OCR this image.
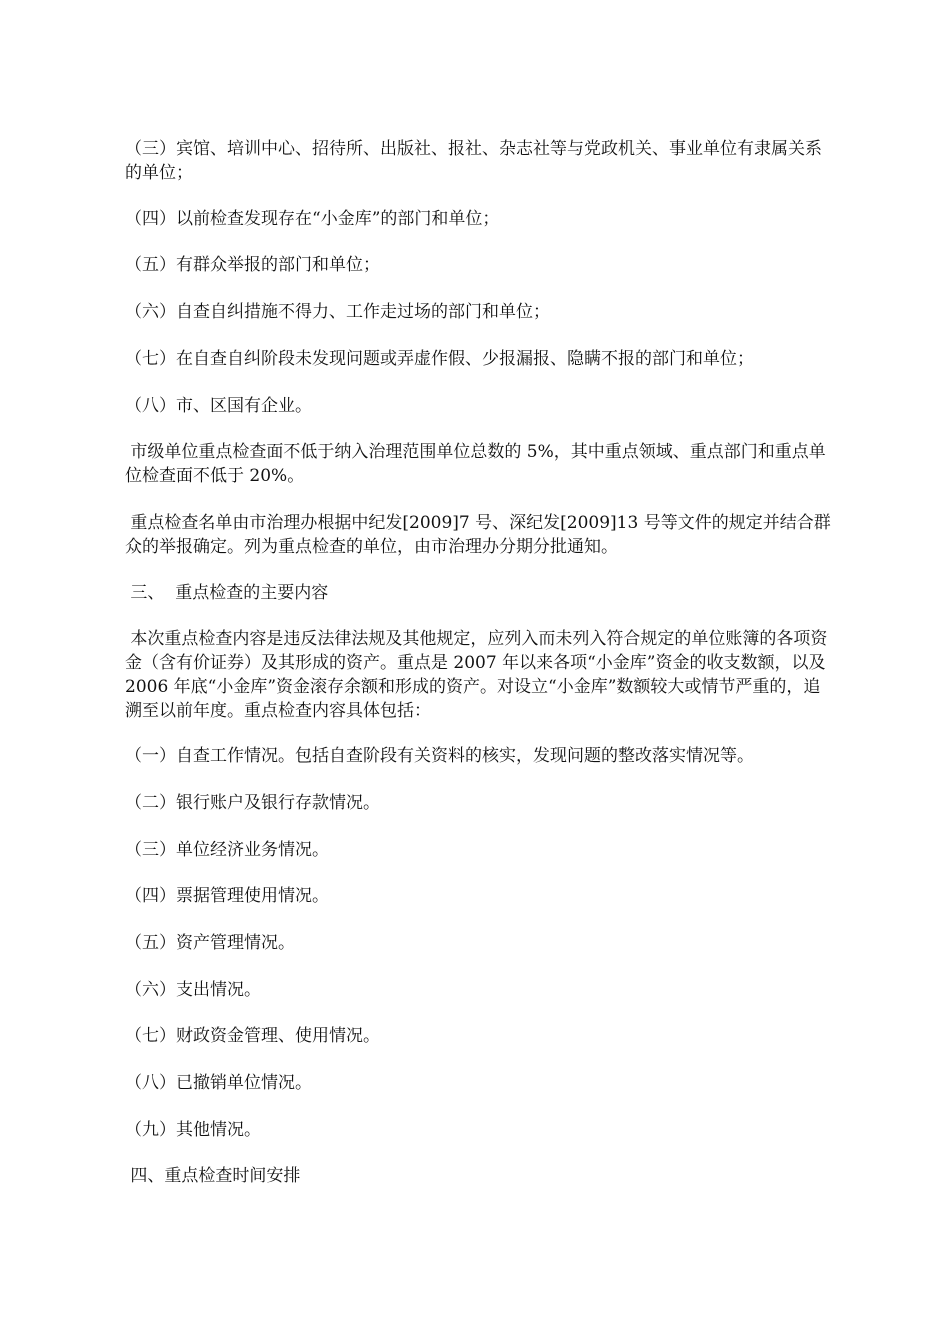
（三）宾馆、培训中心、招待所、出版社、报社、杂志社等与党政机关、事业单位有隶属关系的单位；

（四）以前检查发现存在“小金库”的部门和单位；

（五）有群众举报的部门和单位；

（六）自查自纠措施不得力、工作走过场的部门和单位；

（七）在自查自纠阶段未发现问题或弄虚作假、少报漏报、隐瞒不报的部门和单位；

（八）市、区国有企业。

市级单位重点检查面不低于纳入治理范围单位总数的 5%，其中重点领域、重点部门和重点单位检查面不低于 20%。

重点检查名单由市治理办根据中纪发[2009]7 号、深纪发[2009]13 号等文件的规定并结合群众的举报确定。列为重点检查的单位，由市治理办分期分批通知。

三、  重点检查的主要内容

本次重点检查内容是违反法律法规及其他规定，应列入而未列入符合规定的单位账簿的各项资金（含有价证券）及其形成的资产。重点是 2007 年以来各项“小金库”资金的收支数额，以及 2006 年底“小金库”资金滚存余额和形成的资产。对设立“小金库”数额较大或情节严重的，追溯至以前年度。重点检查内容具体包括：

（一）自查工作情况。包括自查阶段有关资料的核实，发现问题的整改落实情况等。

（二）银行账户及银行存款情况。

（三）单位经济业务情况。

（四）票据管理使用情况。

（五）资产管理情况。

（六）支出情况。

（七）财政资金管理、使用情况。

（八）已撤销单位情况。

（九）其他情况。

四、重点检查时间安排
